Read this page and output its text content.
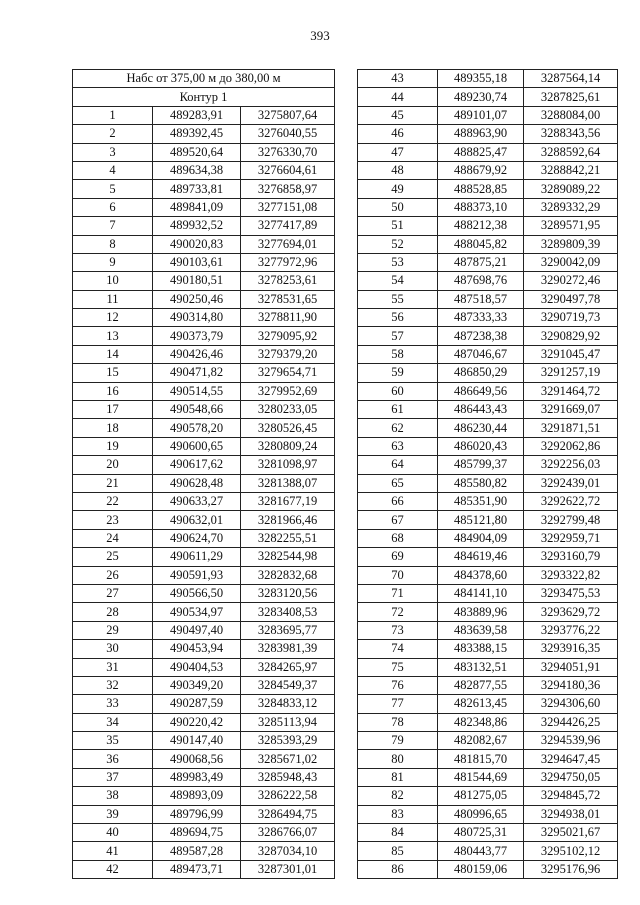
393
Набс от 375,00 м до 380,00 м		
Контур 1		
1	489283,91	3275807,64
2	489392,45	3276040,55
3	489520,64	3276330,70
4	489634,38	3276604,61
5	489733,81	3276858,97
6	489841,09	3277151,08
7	489932,52	3277417,89
8	490020,83	3277694,01
9	490103,61	3277972,96
10	490180,51	3278253,61
11	490250,46	3278531,65
12	490314,80	3278811,90
13	490373,79	3279095,92
14	490426,46	3279379,20
15	490471,82	3279654,71
16	490514,55	3279952,69
17	490548,66	3280233,05
18	490578,20	3280526,45
19	490600,65	3280809,24
20	490617,62	3281098,97
21	490628,48	3281388,07
22	490633,27	3281677,19
23	490632,01	3281966,46
24	490624,70	3282255,51
25	490611,29	3282544,98
26	490591,93	3282832,68
27	490566,50	3283120,56
28	490534,97	3283408,53
29	490497,40	3283695,77
30	490453,94	3283981,39
31	490404,53	3284265,97
32	490349,20	3284549,37
33	490287,59	3284833,12
34	490220,42	3285113,94
35	490147,40	3285393,29
36	490068,56	3285671,02
37	489983,49	3285948,43
38	489893,09	3286222,58
39	489796,99	3286494,75
40	489694,75	3286766,07
41	489587,28	3287034,10
42	489473,71	3287301,01
43	489355,18	3287564,14
44	489230,74	3287825,61
45	489101,07	3288084,00
46	488963,90	3288343,56
47	488825,47	3288592,64
48	488679,92	3288842,21
49	488528,85	3289089,22
50	488373,10	3289332,29
51	488212,38	3289571,95
52	488045,82	3289809,39
53	487875,21	3290042,09
54	487698,76	3290272,46
55	487518,57	3290497,78
56	487333,33	3290719,73
57	487238,38	3290829,92
58	487046,67	3291045,47
59	486850,29	3291257,19
60	486649,56	3291464,72
61	486443,43	3291669,07
62	486230,44	3291871,51
63	486020,43	3292062,86
64	485799,37	3292256,03
65	485580,82	3292439,01
66	485351,90	3292622,72
67	485121,80	3292799,48
68	484904,09	3292959,71
69	484619,46	3293160,79
70	484378,60	3293322,82
71	484141,10	3293475,53
72	483889,96	3293629,72
73	483639,58	3293776,22
74	483388,15	3293916,35
75	483132,51	3294051,91
76	482877,55	3294180,36
77	482613,45	3294306,60
78	482348,86	3294426,25
79	482082,67	3294539,96
80	481815,70	3294647,45
81	481544,69	3294750,05
82	481275,05	3294845,72
83	480996,65	3294938,01
84	480725,31	3295021,67
85	480443,77	3295102,12
86	480159,06	3295176,96
